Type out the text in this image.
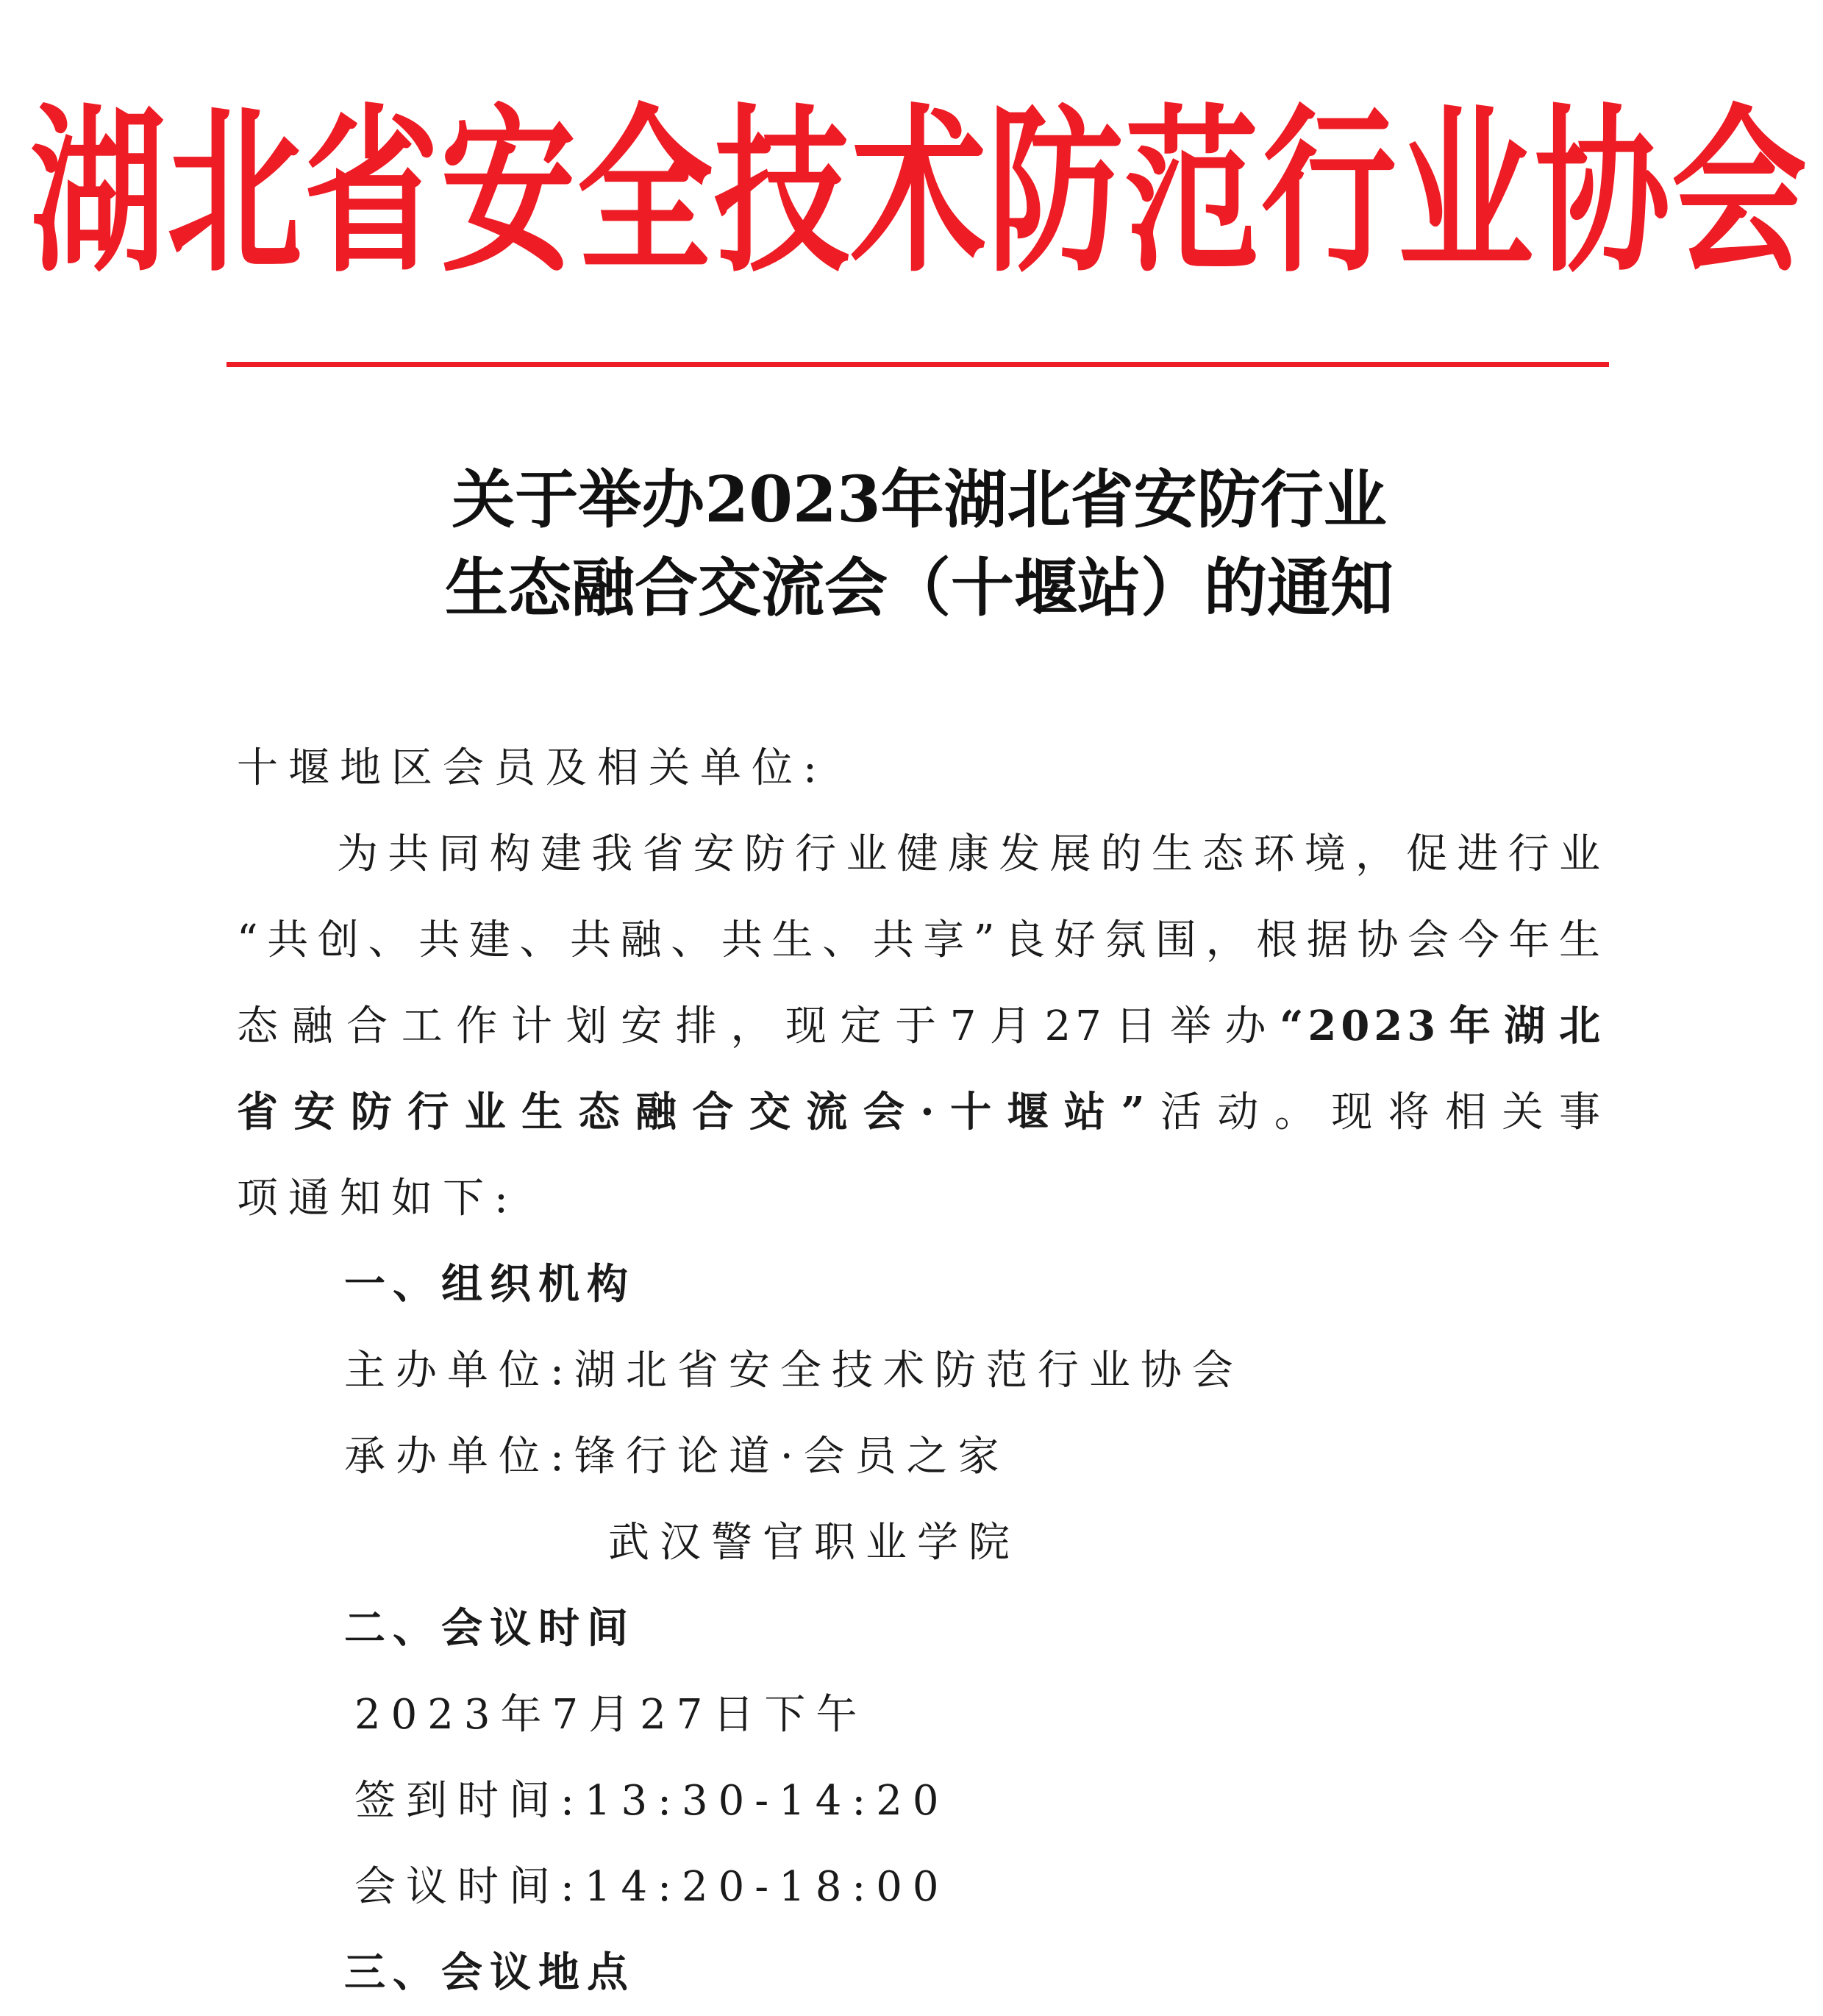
湖北省安全技术防范行业协会
关于举办2023年湖北省安防行业
生态融合交流会（十堰站）的通知
十堰地区会员及相关单位:
为共同构建我省安防行业健康发展的生态环境，促进行业
“共创、共建、共融、共生、共享”良好氛围，根据协会今年生
态融合工作计划安排，现定于7月27日举办“2023年湖北
省安防行业生态融合交流会·十堰站”活动。现将相关事
项通知如下:
一、组织机构
主办单位:湖北省安全技术防范行业协会
承办单位:锋行论道·会员之家
武汉警官职业学院
二、会议时间
2023年7月27日下午
签到时间:13:30-14:20
会议时间:14:20-18:00
三、会议地点
